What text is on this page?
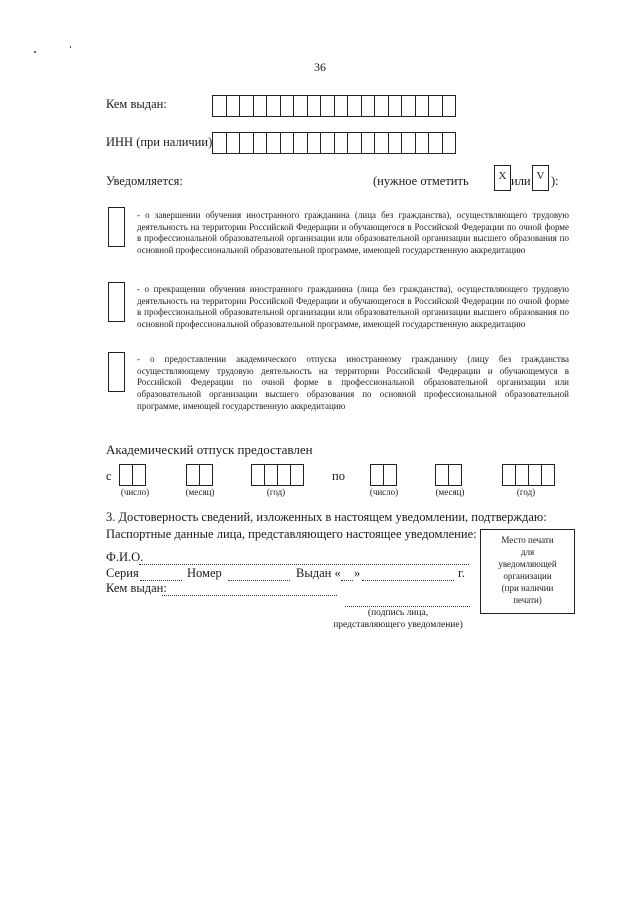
36
Кем выдан:
ИНН (при наличии)
Уведомляется:	(нужное отметить	Х или V ):
- о завершении обучения иностранного гражданина (лица без гражданства), осуществляющего трудовую деятельность на территории Российской Федерации и обучающегося в Российской Федерации по очной форме в профессиональной образовательной организации или образовательной организации высшего образования по основной профессиональной образовательной программе, имеющей государственную аккредитацию
- о прекращении обучения иностранного гражданина (лица без гражданства), осуществляющего трудовую деятельность на территории Российской Федерации и обучающегося в Российской Федерации по очной форме в профессиональной образовательной организации или образовательной организации высшего образования по основной профессиональной образовательной программе, имеющей государственную аккредитацию
- о предоставлении академического отпуска иностранному гражданину (лицу без гражданства осуществляющему трудовую деятельность на территории Российской Федерации и обучающемуся в Российской Федерации по очной форме в профессиональной образовательной организации или образовательной организации высшего образования по основной профессиональной образовательной программе, имеющей государственную аккредитацию
Академический отпуск предоставлен
с
(число)	(месяц)	(год)
по
(число)	(месяц)	(год)
3. Достоверность сведений, изложенных в настоящем уведомлении, подтверждаю:
Паспортные данные лица, представляющего настоящее уведомление:	Место печати
для
уведомляющей
организации
(при наличии
печати)
Ф.И.О.
Серия	Номер	Выдан « »	г.
Кем выдан:
(подпись лица,
представляющего уведомление)
